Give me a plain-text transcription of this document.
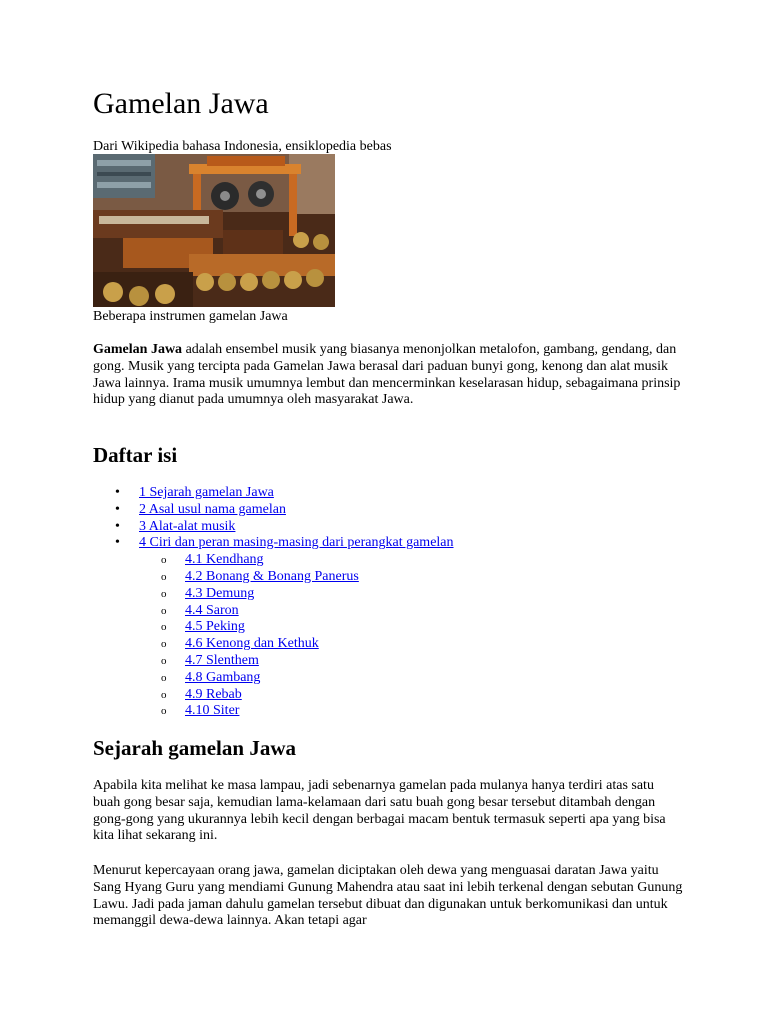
Gamelan Jawa
Dari Wikipedia bahasa Indonesia, ensiklopedia bebas
Beberapa instrumen gamelan Jawa

Gamelan Jawa adalah ensembel musik yang biasanya menonjolkan metalofon, gambang, gendang, dan gong. Musik yang tercipta pada Gamelan Jawa berasal dari paduan bunyi gong, kenong dan alat musik Jawa lainnya. Irama musik umumnya lembut dan mencerminkan keselarasan hidup, sebagaimana prinsip hidup yang dianut pada umumnya oleh masyarakat Jawa.

Daftar isi
• 1 Sejarah gamelan Jawa
• 2 Asal usul nama gamelan
• 3 Alat-alat musik
• 4 Ciri dan peran masing-masing dari perangkat gamelan
o 4.1 Kendhang
o 4.2 Bonang & Bonang Panerus
o 4.3 Demung
o 4.4 Saron
o 4.5 Peking
o 4.6 Kenong dan Kethuk
o 4.7 Slenthem
o 4.8 Gambang
o 4.9 Rebab
o 4.10 Siter
Sejarah gamelan Jawa

Apabila kita melihat ke masa lampau, jadi sebenarnya gamelan pada mulanya hanya terdiri atas satu buah gong besar saja, kemudian lama-kelamaan dari satu buah gong besar tersebut ditambah dengan gong-gong yang ukurannya lebih kecil dengan berbagai macam bentuk termasuk seperti apa yang bisa kita lihat sekarang ini.

Menurut kepercayaan orang jawa, gamelan diciptakan oleh dewa yang menguasai daratan Jawa yaitu Sang Hyang Guru yang mendiami Gunung Mahendra atau saat ini lebih terkenal dengan sebutan Gunung Lawu. Jadi pada jaman dahulu gamelan tersebut dibuat dan digunakan untuk berkomunikasi dan untuk memanggil dewa-dewa lainnya. Akan tetapi agar
